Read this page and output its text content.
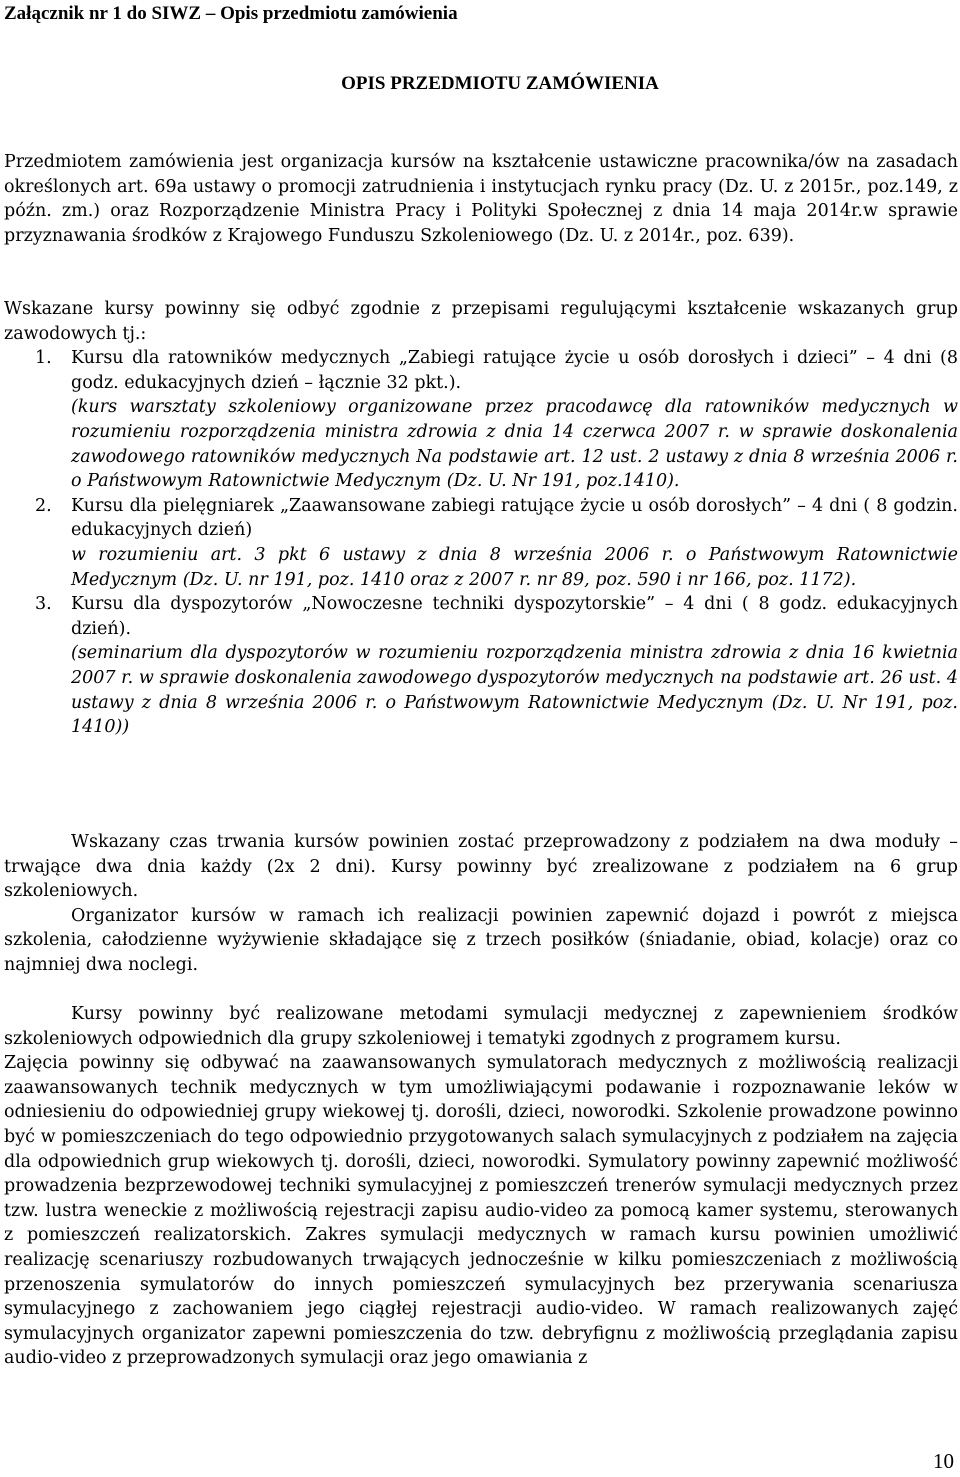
Załącznik nr 1 do SIWZ – Opis przedmiotu zamówienia
OPIS PRZEDMIOTU ZAMÓWIENIA

Przedmiotem zamówienia jest organizacja kursów na kształcenie ustawiczne pracownika/ów na zasadach określonych art. 69a ustawy o promocji zatrudnienia i instytucjach rynku pracy (Dz. U. z 2015r., poz.149, z późn. zm.) oraz Rozporządzenie Ministra Pracy i Polityki Społecznej z dnia 14 maja 2014r.w sprawie przyznawania środków z Krajowego Funduszu Szkoleniowego (Dz. U. z 2014r., poz. 639).

Wskazane kursy powinny się odbyć zgodnie z przepisami regulującymi kształcenie wskazanych grup zawodowych tj.:

1. Kursu dla ratowników medycznych „Zabiegi ratujące życie u osób dorosłych i dzieci” – 4 dni (8 godz. edukacyjnych dzień – łącznie 32 pkt.).

(kurs warsztaty szkoleniowy organizowane przez pracodawcę dla ratowników medycznych w rozumieniu rozporządzenia ministra zdrowia z dnia 14 czerwca 2007 r. w sprawie doskonalenia zawodowego ratowników medycznych Na podstawie art. 12 ust. 2 ustawy z dnia 8 września 2006 r. o Państwowym Ratownictwie Medycznym (Dz. U. Nr 191, poz.1410).

2. Kursu dla pielęgniarek „Zaawansowane zabiegi ratujące życie u osób dorosłych” – 4 dni ( 8 godzin. edukacyjnych dzień)

w rozumieniu art. 3 pkt 6 ustawy z dnia 8 września 2006 r. o Państwowym Ratownictwie Medycznym (Dz. U. nr 191, poz. 1410 oraz z 2007 r. nr 89, poz. 590 i nr 166, poz. 1172).

3. Kursu dla dyspozytorów „Nowoczesne techniki dyspozytorskie” – 4 dni ( 8 godz. edukacyjnych dzień).

(seminarium dla dyspozytorów w rozumieniu rozporządzenia ministra zdrowia z dnia 16 kwietnia 2007 r. w sprawie doskonalenia zawodowego dyspozytorów medycznych na podstawie art. 26 ust. 4 ustawy z dnia 8 września 2006 r. o Państwowym Ratownictwie Medycznym (Dz. U. Nr 191, poz. 1410))

Wskazany czas trwania kursów powinien zostać przeprowadzony z podziałem na dwa moduły – trwające dwa dnia każdy (2x 2 dni). Kursy powinny być zrealizowane z podziałem na 6 grup szkoleniowych.

Organizator kursów w ramach ich realizacji powinien zapewnić dojazd i powrót z miejsca szkolenia, całodzienne wyżywienie składające się z trzech posiłków (śniadanie, obiad, kolacje) oraz co najmniej dwa noclegi.

Kursy powinny być realizowane metodami symulacji medycznej z zapewnieniem środków szkoleniowych odpowiednich dla grupy szkoleniowej i tematyki zgodnych z programem kursu.

Zajęcia powinny się odbywać na zaawansowanych symulatorach medycznych z możliwością realizacji zaawansowanych technik medycznych w tym umożliwiającymi podawanie i rozpoznawanie leków w odniesieniu do odpowiedniej grupy wiekowej tj. dorośli, dzieci, noworodki. Szkolenie prowadzone powinno być w pomieszczeniach do tego odpowiednio przygotowanych salach symulacyjnych z podziałem na zajęcia dla odpowiednich grup wiekowych tj. dorośli, dzieci, noworodki. Symulatory powinny zapewnić możliwość prowadzenia bezprzewodowej techniki symulacyjnej z pomieszczeń trenerów symulacji medycznych przez tzw. lustra weneckie z możliwością rejestracji zapisu audio-video za pomocą kamer systemu, sterowanych z pomieszczeń realizatorskich. Zakres symulacji medycznych w ramach kursu powinien umożliwić realizację scenariuszy rozbudowanych trwających jednocześnie w kilku pomieszczeniach z możliwością przenoszenia symulatorów do innych pomieszczeń symulacyjnych bez przerywania scenariusza symulacyjnego z zachowaniem jego ciągłej rejestracji audio-video. W ramach realizowanych zajęć symulacyjnych organizator zapewni pomieszczenia do tzw. debryfignu z możliwością przeglądania zapisu audio-video z przeprowadzonych symulacji oraz jego omawiania z

10
